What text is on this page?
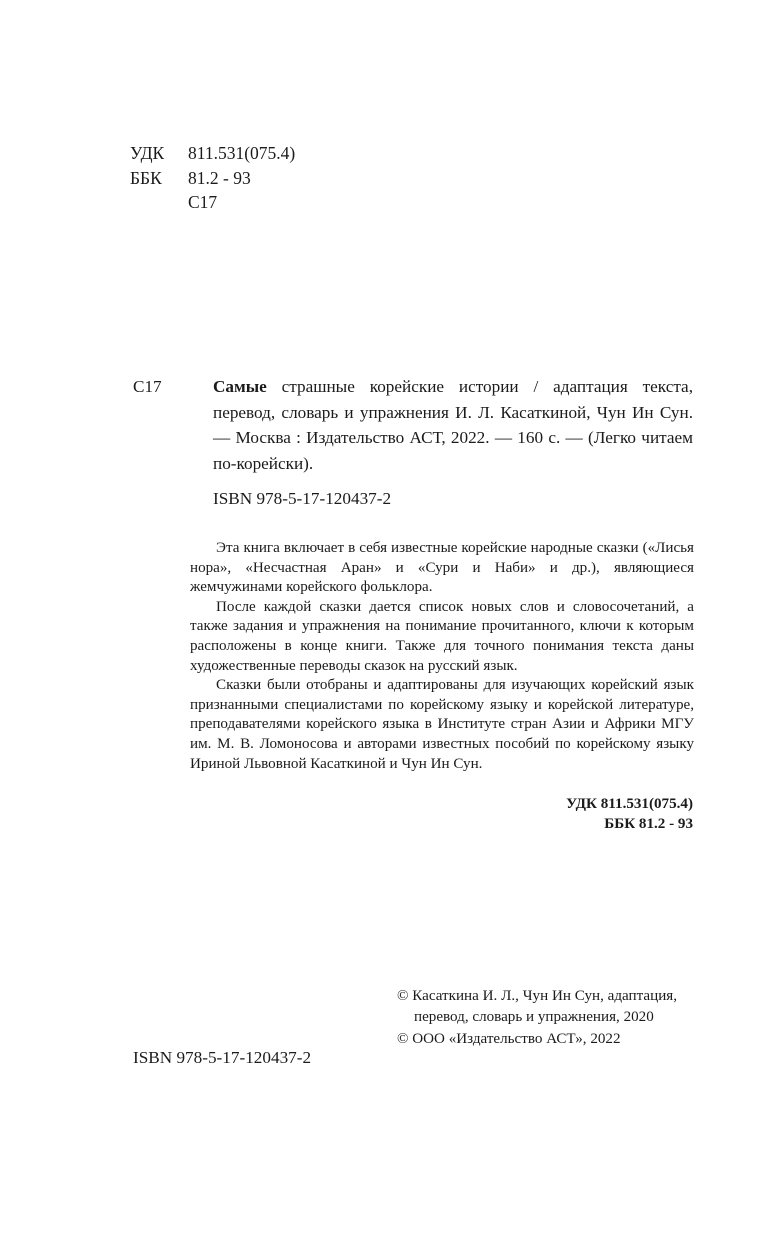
УДК 811.531(075.4)
ББК 81.2 - 93
С17
С17	Самые страшные корейские истории / адаптация текста, перевод, словарь и упражнения И. Л. Касаткиной, Чун Ин Сун. — Москва : Издательство АСТ, 2022. — 160 с. — (Легко читаем по-корейски).
ISBN 978-5-17-120437-2

Эта книга включает в себя известные корейские народные сказки («Лисья нора», «Несчастная Аран» и «Сури и Наби» и др.), являющиеся жемчужинами корейского фольклора.

После каждой сказки дается список новых слов и словосочетаний, а также задания и упражнения на понимание прочитанного, ключи к которым расположены в конце книги. Также для точного понимания текста даны художественные переводы сказок на русский язык.

Сказки были отобраны и адаптированы для изучающих корейский язык признанными специалистами по корейскому языку и корейской литературе, преподавателями корейского языка в Институте стран Азии и Африки МГУ им. М. В. Ломоносова и авторами известных пособий по корейскому языку Ириной Львовной Касаткиной и Чун Ин Сун.

УДК 811.531(075.4)
ББК 81.2 - 93
© Касаткина И. Л., Чун Ин Сун, адаптация, перевод, словарь и упражнения, 2020
© ООО «Издательство АСТ», 2022
ISBN 978-5-17-120437-2
